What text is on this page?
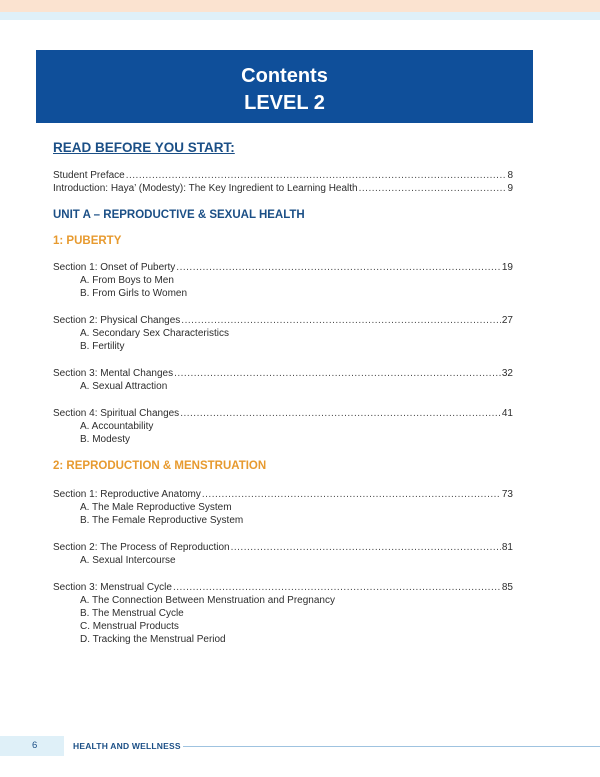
Contents
LEVEL 2
READ BEFORE YOU START:
Student Preface .....	8
Introduction: Haya’ (Modesty): The Key Ingredient to Learning Health .....	9
UNIT A – REPRODUCTIVE & SEXUAL HEALTH
1: PUBERTY
Section 1: Onset of Puberty .....	19
A. From Boys to Men
B. From Girls to Women
Section 2: Physical Changes .....	27
A. Secondary Sex Characteristics
B. Fertility
Section 3: Mental Changes .....	32
A. Sexual Attraction
Section 4: Spiritual Changes .....	41
A. Accountability
B. Modesty
2: REPRODUCTION & MENSTRUATION
Section 1: Reproductive Anatomy .....	73
A. The Male Reproductive System
B. The Female Reproductive System
Section 2: The Process of Reproduction .....	81
A. Sexual Intercourse
Section 3: Menstrual Cycle .....	85
A. The Connection Between Menstruation and Pregnancy
B. The Menstrual Cycle
C. Menstrual Products
D. Tracking the Menstrual Period
6	HEALTH AND WELLNESS
